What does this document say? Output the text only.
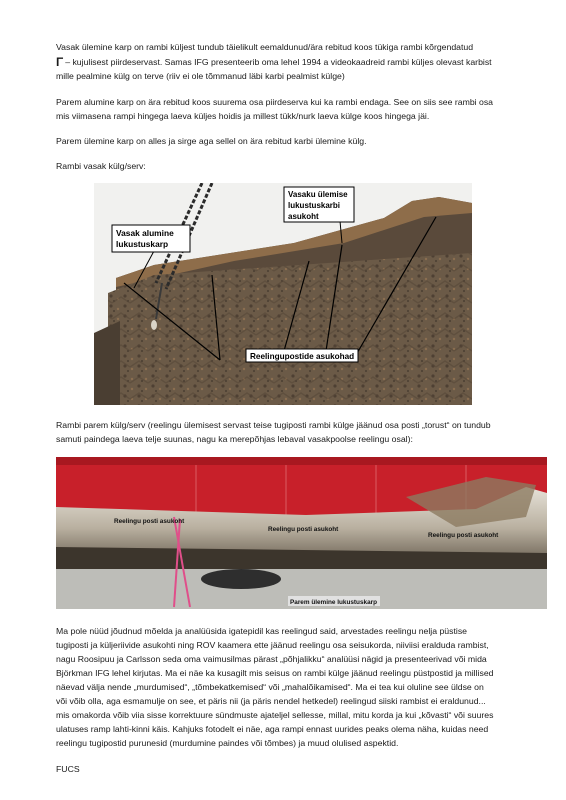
Vasak ülemine karp on rambi küljest tundub täielikult eemaldunud/ära rebitud koos tükiga rambi kõrgendatud

Γ – kujulisest piirdeservast. Samas IFG presenteerib oma lehel 1994 a videokaadreid rambi küljes olevast karbist

mille pealmine külg on terve (riiv ei ole tõmmanud läbi karbi pealmist külge)

Parem alumine karp on ära rebitud koos suurema osa piirdeserva kui ka rambi endaga. See on siis see rambi osa

mis viimasena rampi hingega laeva küljes hoidis ja millest tükk/nurk laeva külge koos hingega jäi.

Parem ülemine karp on alles ja sirge aga sellel on ära rebitud karbi ülemine külg.

Rambi vasak külg/serv:

Vasak alumine
lukustuskarp
Vasaku ülemise
lukustuskarbi
asukoht
Reelingupostide asukohad

Rambi parem külg/serv (reelingu ülemisest servast teise tugiposti rambi külge jäänud osa posti „torust“ on tundub

samuti paindega laeva telje suunas, nagu ka merepõhjas lebaval vasakpoolse reelingu osal):

Reelingu posti asukoht
Reelingu posti asukoht
Reelingu posti asukoht
Parem ülemine lukustuskarp

Ma pole nüüd jõudnud mõelda ja analüüsida igatepidil kas reelingud said, arvestades reelingu nelja püstise

tugiposti ja küljeriivide asukohti ning ROV kaamera ette jäänud reelingu osa seisukorda, niiviisi eralduda rambist,

nagu Roosipuu ja Carlsson seda oma vaimusilmas pärast „põhjalikku“ analüüsi nägid ja presenteerivad või mida

Björkman IFG lehel kirjutas. Ma ei näe ka kusagilt mis seisus on rambi külge jäänud reelingu püstpostid ja millised

näevad välja nende „murdumised“, „tõmbekatkemised“ või „mahalõikamised“. Ma ei tea kui oluline see üldse on

või võib olla, aga esmamulje on see, et päris nii (ja päris nendel hetkedel) reelingud siiski rambist ei eraldunud...

mis omakorda võib viia sisse korrektuure sündmuste ajateljel sellesse, millal, mitu korda ja kui „kõvasti“ või suures

ulatuses ramp lahti-kinni käis. Kahjuks fotodelt ei näe, aga rampi ennast uurides peaks olema näha, kuidas need

reelingu tugipostid purunesid (murdumine paindes või tõmbes) ja muud olulised aspektid.

FUCS
